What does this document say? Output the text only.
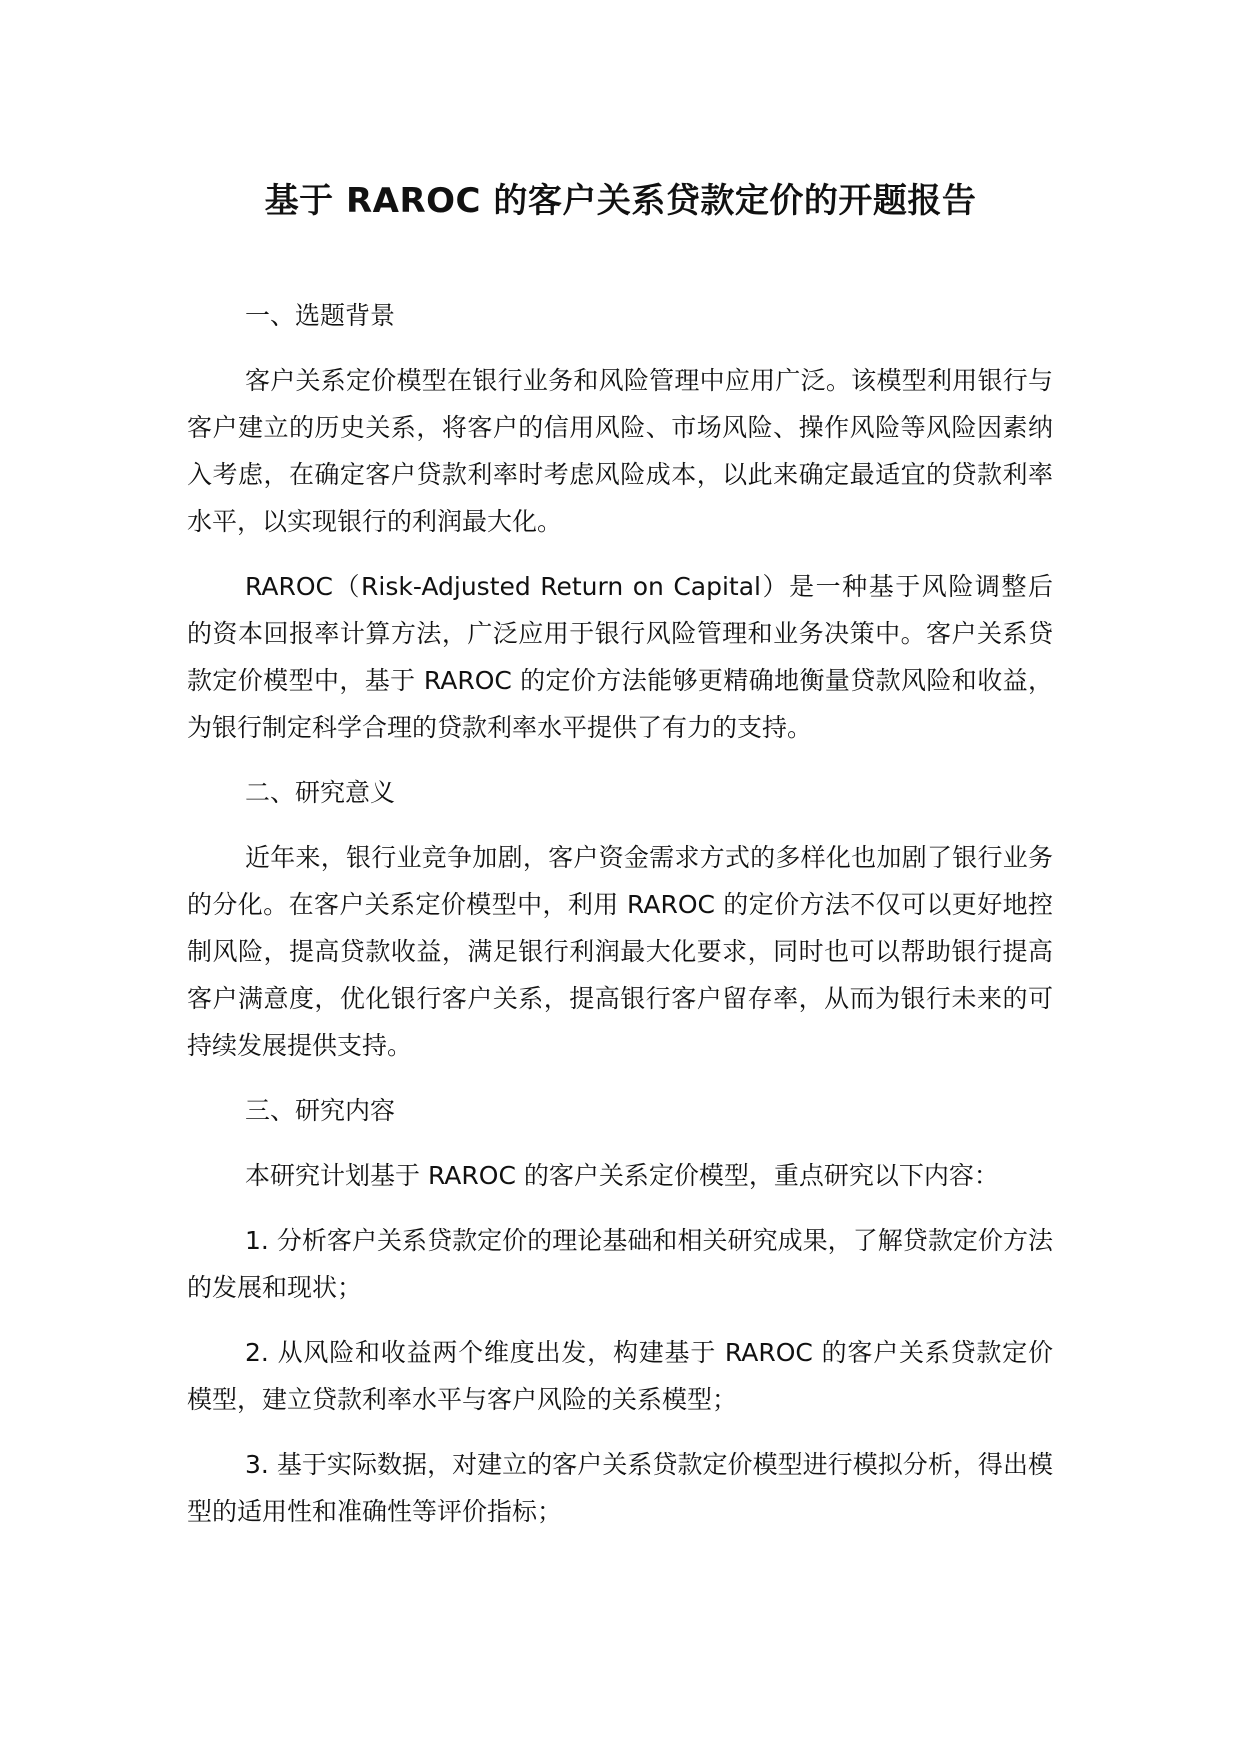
基于 RAROC 的客户关系贷款定价的开题报告

一、选题背景

客户关系定价模型在银行业务和风险管理中应用广泛。该模型利用银行与客户建立的历史关系，将客户的信用风险、市场风险、操作风险等风险因素纳入考虑，在确定客户贷款利率时考虑风险成本，以此来确定最适宜的贷款利率水平，以实现银行的利润最大化。

RAROC（Risk-Adjusted Return on Capital）是一种基于风险调整后的资本回报率计算方法，广泛应用于银行风险管理和业务决策中。客户关系贷款定价模型中，基于 RAROC 的定价方法能够更精确地衡量贷款风险和收益，为银行制定科学合理的贷款利率水平提供了有力的支持。

二、研究意义

近年来，银行业竞争加剧，客户资金需求方式的多样化也加剧了银行业务的分化。在客户关系定价模型中，利用 RAROC 的定价方法不仅可以更好地控制风险，提高贷款收益，满足银行利润最大化要求，同时也可以帮助银行提高客户满意度，优化银行客户关系，提高银行客户留存率，从而为银行未来的可持续发展提供支持。

三、研究内容

本研究计划基于 RAROC 的客户关系定价模型，重点研究以下内容：

1. 分析客户关系贷款定价的理论基础和相关研究成果，了解贷款定价方法的发展和现状；

2. 从风险和收益两个维度出发，构建基于 RAROC 的客户关系贷款定价模型，建立贷款利率水平与客户风险的关系模型；

3. 基于实际数据，对建立的客户关系贷款定价模型进行模拟分析，得出模型的适用性和准确性等评价指标；
